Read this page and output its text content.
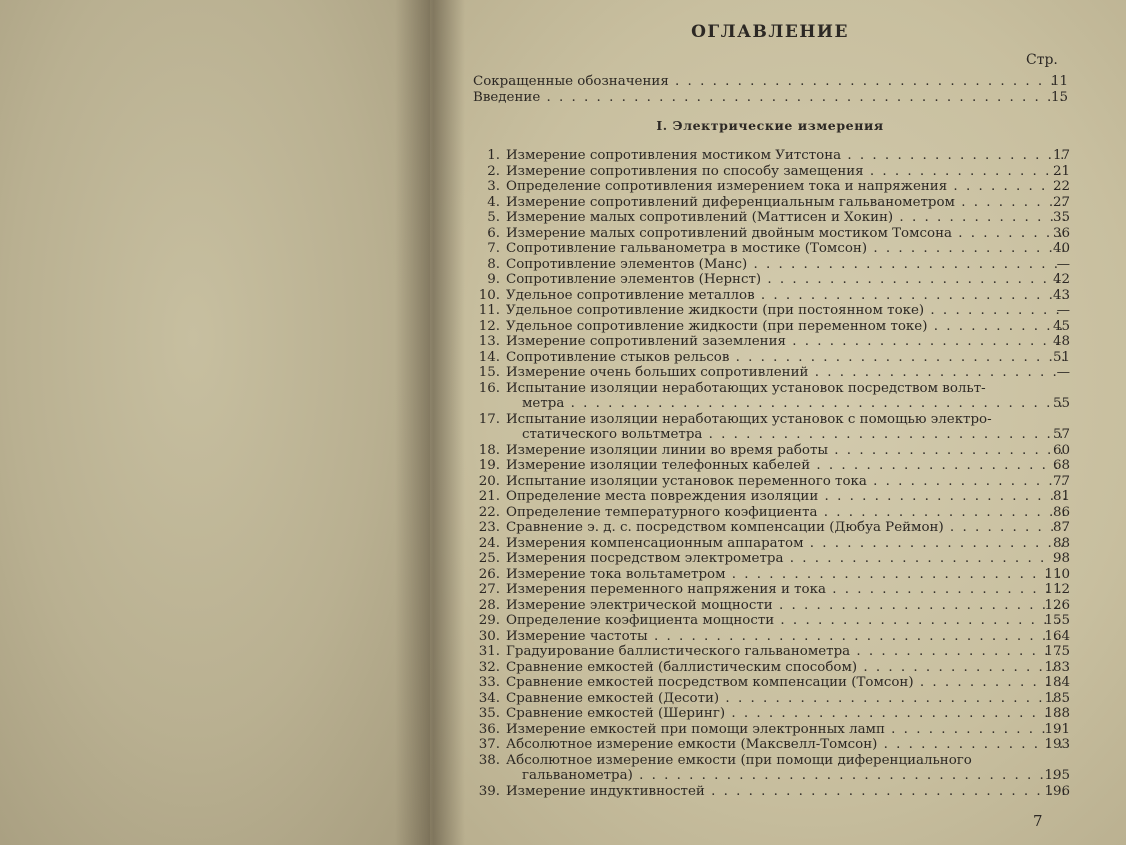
ОГЛАВЛЕНИЕ
Стр.
Сокращенные обозначения . . .	11
Введение . . .	15
I. Электрические измерения
1. Измерение сопротивления мостиком Уитстона . . .	17
2. Измерение сопротивления по способу замещения . . .	21
3. Определение сопротивления измерением тока и напряжения . . .	22
4. Измерение сопротивлений диференциальным гальванометром . . .	27
5. Измерение малых сопротивлений (Маттисен и Хокин) . . .	35
6. Измерение малых сопротивлений двойным мостиком Томсона . . .	36
7. Сопротивление гальванометра в мостике (Томсон) . . .	40
8. Сопротивление элементов (Манс) . . .	—
9. Сопротивление элементов (Нернст) . . .	42
10. Удельное сопротивление металлов . . .	43
11. Удельное сопротивление жидкости (при постоянном токе) . . .	—
12. Удельное сопротивление жидкости (при переменном токе) . . .	45
13. Измерение сопротивлений заземления . . .	48
14. Сопротивление стыков рельсов . . .	51
15. Измерение очень больших сопротивлений . . .	—
16. Испытание изоляции неработающих установок посредством вольт-
метра . . .	55
17. Испытание изоляции неработающих установок с помощью электро-
статического вольтметра . . .	57
18. Измерение изоляции линии во время работы . . .	60
19. Измерение изоляции телефонных кабелей . . .	68
20. Испытание изоляции установок переменного тока . . .	77
21. Определение места повреждения изоляции . . .	81
22. Определение температурного коэфициента . . .	86
23. Сравнение э. д. с. посредством компенсации (Дюбуа Реймон) . . .	87
24. Измерения компенсационным аппаратом . . .	88
25. Измерения посредством электрометра . . .	98
26. Измерение тока вольтаметром . . .	110
27. Измерения переменного напряжения и тока . . .	112
28. Измерение электрической мощности . . .	126
29. Определение коэфициента мощности . . .	155
30. Измерение частоты . . .	164
31. Градуирование баллистического гальванометра . . .	175
32. Сравнение емкостей (баллистическим способом) . . .	183
33. Сравнение емкостей посредством компенсации (Томсон) . . .	184
34. Сравнение емкостей (Десоти) . . .	185
35. Сравнение емкостей (Шеринг) . . .	188
36. Измерение емкостей при помощи электронных ламп . . .	191
37. Абсолютное измерение емкости (Максвелл-Томсон) . . .	193
38. Абсолютное измерение емкости (при помощи диференциального
гальванометра) . . .	195
39. Измерение индуктивностей . . .	196
7
